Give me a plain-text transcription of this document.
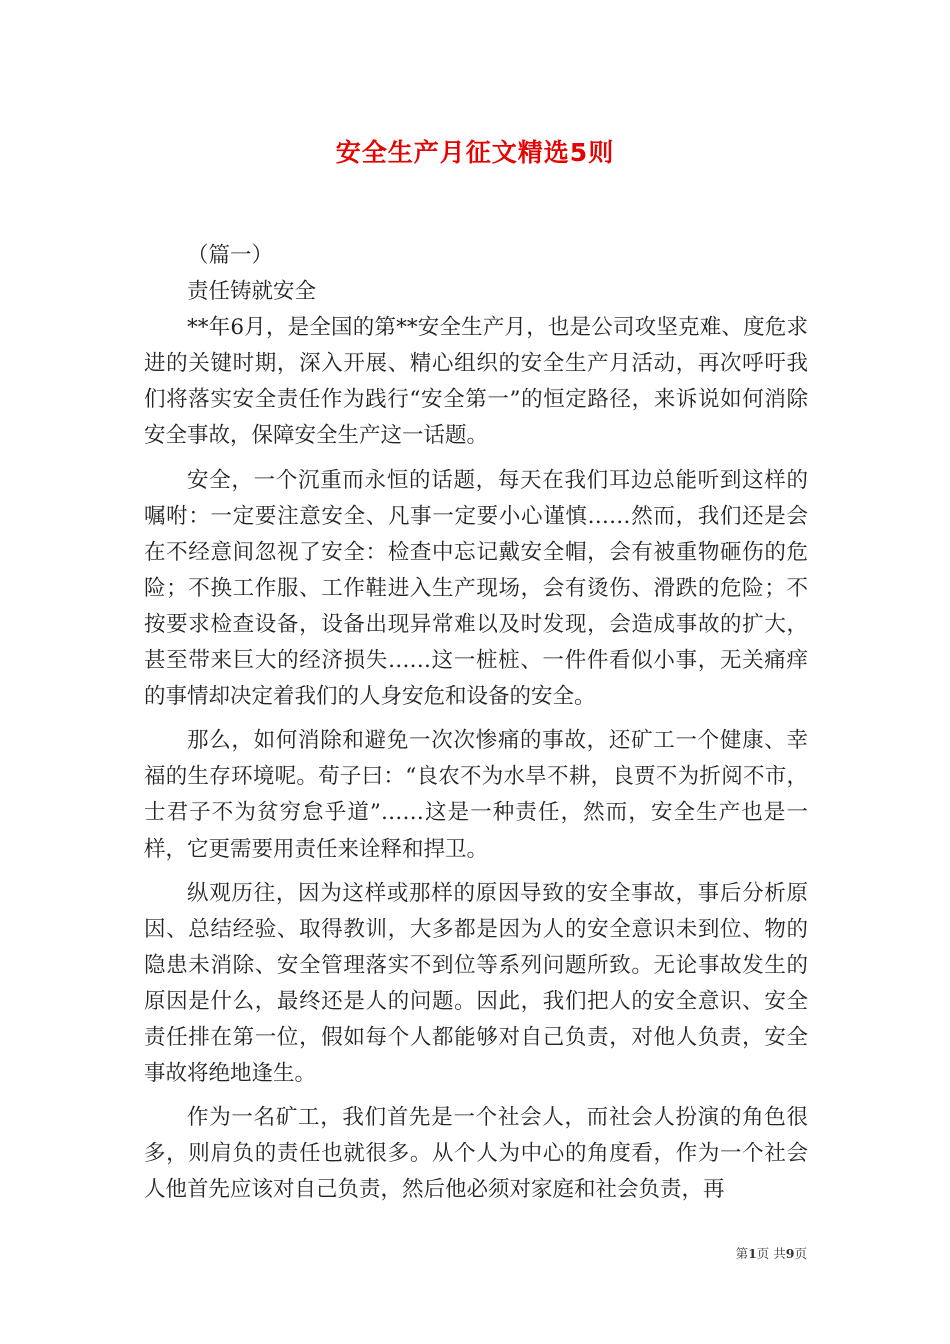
安全生产月征文精选5则

（篇一）

责任铸就安全

**年6月，是全国的第**安全生产月，也是公司攻坚克难、度危求进的关键时期，深入开展、精心组织的安全生产月活动，再次呼吁我们将落实安全责任作为践行“安全第一”的恒定路径，来诉说如何消除安全事故，保障安全生产这一话题。

安全，一个沉重而永恒的话题，每天在我们耳边总能听到这样的嘱咐：一定要注意安全、凡事一定要小心谨慎……然而，我们还是会在不经意间忽视了安全：检查中忘记戴安全帽，会有被重物砸伤的危险；不换工作服、工作鞋进入生产现场，会有烫伤、滑跌的危险；不按要求检查设备，设备出现异常难以及时发现，会造成事故的扩大，甚至带来巨大的经济损失……这一桩桩、一件件看似小事，无关痛痒的事情却决定着我们的人身安危和设备的安全。

那么，如何消除和避免一次次惨痛的事故，还矿工一个健康、幸福的生存环境呢。荀子曰：“良农不为水旱不耕，良贾不为折阅不市，士君子不为贫穷怠乎道”……这是一种责任，然而，安全生产也是一样，它更需要用责任来诠释和捍卫。

纵观历往，因为这样或那样的原因导致的安全事故，事后分析原因、总结经验、取得教训，大多都是因为人的安全意识未到位、物的隐患未消除、安全管理落实不到位等系列问题所致。无论事故发生的原因是什么，最终还是人的问题。因此，我们把人的安全意识、安全责任排在第一位，假如每个人都能够对自己负责，对他人负责，安全事故将绝地逢生。

作为一名矿工，我们首先是一个社会人，而社会人扮演的角色很多，则肩负的责任也就很多。从个人为中心的角度看，作为一个社会人他首先应该对自己负责，然后他必须对家庭和社会负责，再

第1页 共9页
